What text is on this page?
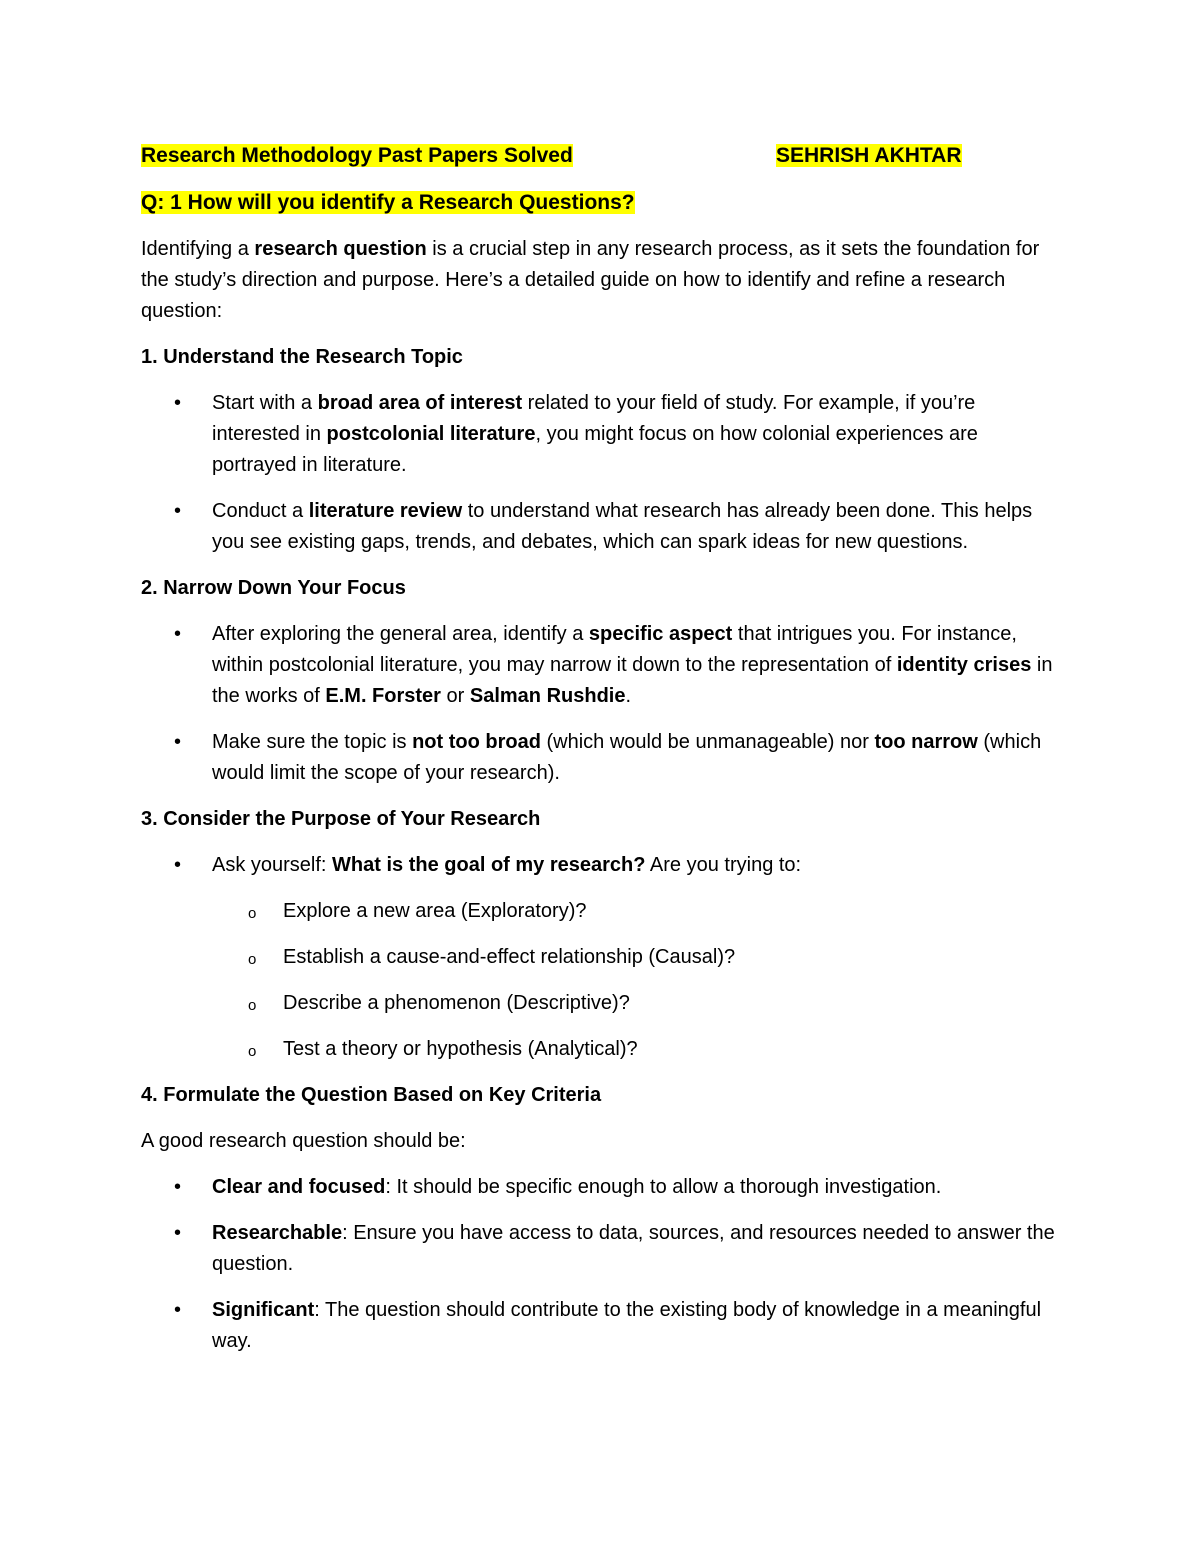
Research Methodology Past Papers Solved	SEHRISH AKHTAR
Q: 1 How will you identify a Research Questions?

Identifying a research question is a crucial step in any research process, as it sets the foundation for the study’s direction and purpose. Here’s a detailed guide on how to identify and refine a research question:

1. Understand the Research Topic
• Start with a broad area of interest related to your field of study. For example, if you’re interested in postcolonial literature, you might focus on how colonial experiences are portrayed in literature.
• Conduct a literature review to understand what research has already been done. This helps you see existing gaps, trends, and debates, which can spark ideas for new questions.
2. Narrow Down Your Focus
• After exploring the general area, identify a specific aspect that intrigues you. For instance, within postcolonial literature, you may narrow it down to the representation of identity crises in the works of E.M. Forster or Salman Rushdie.
• Make sure the topic is not too broad (which would be unmanageable) nor too narrow (which would limit the scope of your research).
3. Consider the Purpose of Your Research
• Ask yourself: What is the goal of my research? Are you trying to:
o Explore a new area (Exploratory)?
o Establish a cause-and-effect relationship (Causal)?
o Describe a phenomenon (Descriptive)?
o Test a theory or hypothesis (Analytical)?
4. Formulate the Question Based on Key Criteria

A good research question should be:

• Clear and focused: It should be specific enough to allow a thorough investigation.
• Researchable: Ensure you have access to data, sources, and resources needed to answer the question.
• Significant: The question should contribute to the existing body of knowledge in a meaningful way.
